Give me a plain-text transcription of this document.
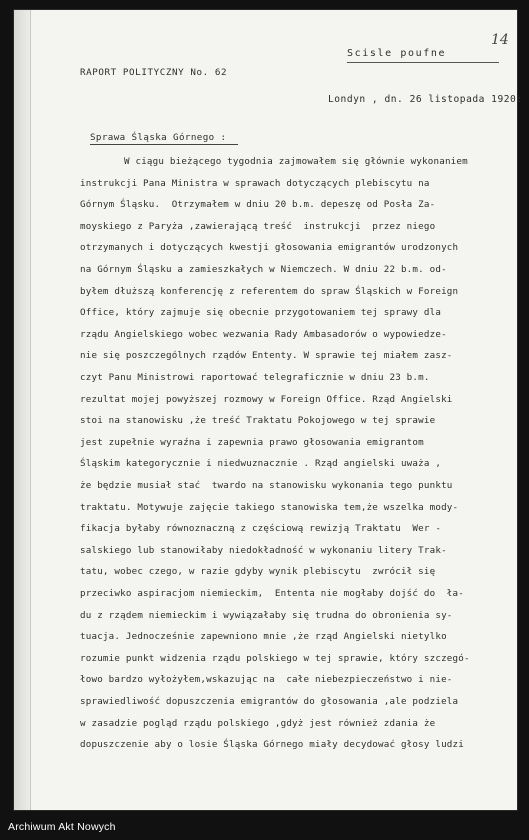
14
Scisle poufne
RAPORT POLITYCZNY No. 62
Londyn , dn. 26 listopada 1920:
Sprawa Śląska Górnego :
W ciągu bieżącego tygodnia zajmowałem się głównie wykonaniem
instrukcji Pana Ministra w sprawach dotyczących plebiscytu na
Górnym Śląsku.  Otrzymałem w dniu 20 b.m. depeszę od Posła Za-
moyskiego z Paryża ,zawierającą treść  instrukcji  przez niego
otrzymanych i dotyczących kwestji głosowania emigrantów urodzonych
na Górnym Śląsku a zamieszkałych w Niemczech. W dniu 22 b.m. od-
byłem dłuższą konferencję z referentem do spraw Śląskich w Foreign
Office, który zajmuje się obecnie przygotowaniem tej sprawy dla
rządu Angielskiego wobec wezwania Rady Ambasadorów o wypowiedze-
nie się poszczególnych rządów Ententy. W sprawie tej miałem zasz-
czyt Panu Ministrowi raportować telegraficznie w dniu 23 b.m.
rezultat mojej powyższej rozmowy w Foreign Office. Rząd Angielski
stoi na stanowisku ,że treść Traktatu Pokojowego w tej sprawie
jest zupełnie wyraźna i zapewnia prawo głosowania emigrantom
Śląskim kategorycznie i niedwuznacznie . Rząd angielski uważa ,
że będzie musiał stać  twardo na stanowisku wykonania tego punktu
traktatu. Motywuje zajęcie takiego stanowiska tem,że wszelka mody-
fikacja byłaby równoznaczną z częściową rewizją Traktatu  Wer -
salskiego lub stanowiłaby niedokładność w wykonaniu litery Trak-
tatu, wobec czego, w razie gdyby wynik plebiscytu  zwrócił się
przeciwko aspiracjom niemieckim,  Ententa nie mogłaby dojść do  ła-
du z rządem niemieckim i wywiązałaby się trudna do obronienia sy-
tuacja. Jednocześnie zapewniono mnie ,że rząd Angielski nietylko
rozumie punkt widzenia rządu polskiego w tej sprawie, który szczegó-
łowo bardzo wyłożyłem,wskazując na  całe niebezpieczeństwo i nie-
sprawiedliwość dopuszczenia emigrantów do głosowania ,ale podziela
w zasadzie pogląd rządu polskiego ,gdyż jest również zdania że
dopuszczenie aby o losie Śląska Górnego miały decydować głosy ludzi
Archiwum Akt Nowych
